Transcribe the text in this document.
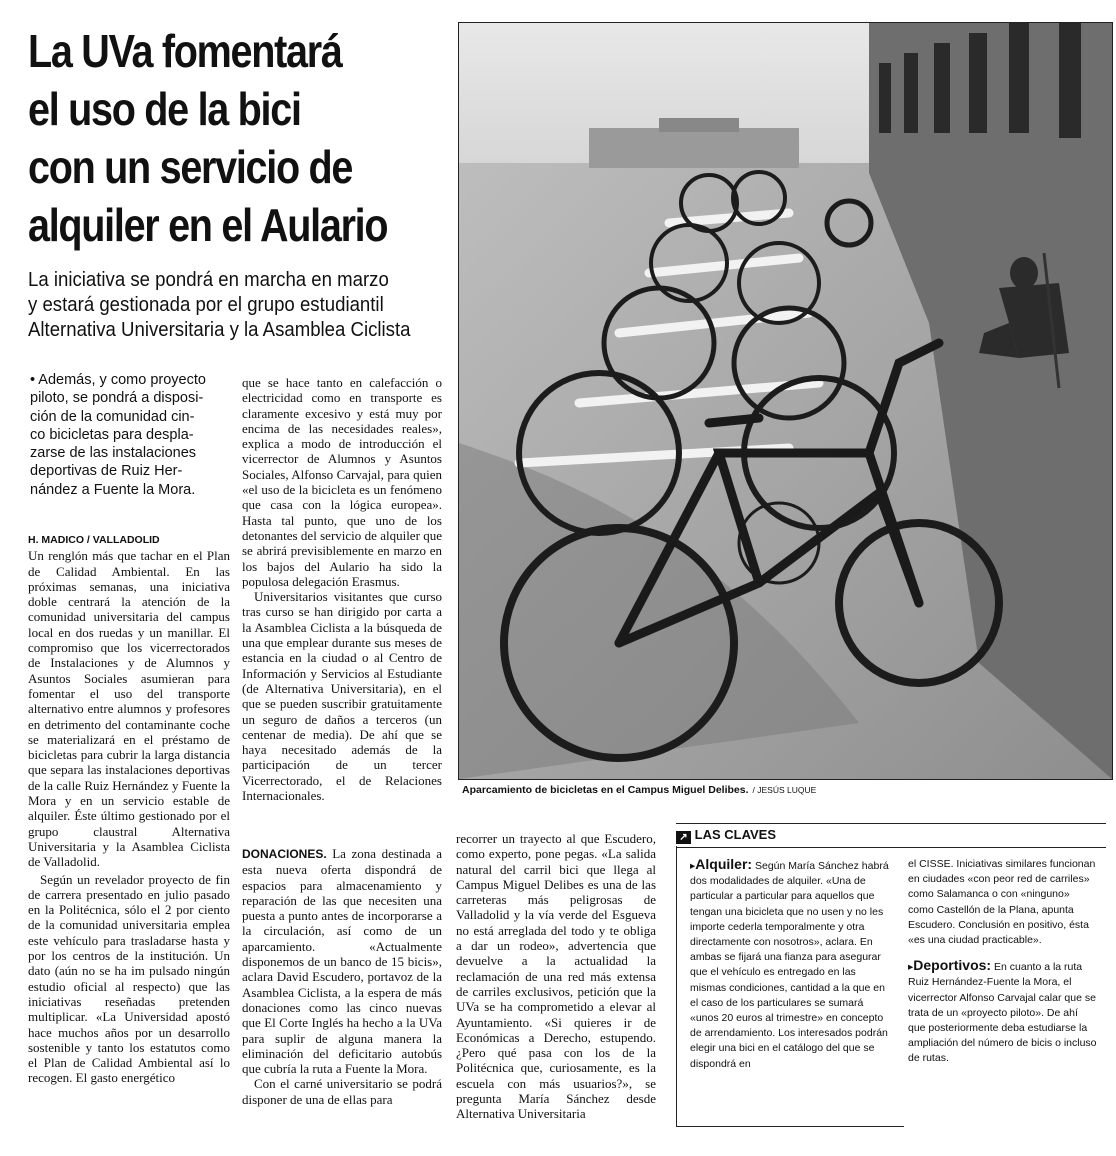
La UVa fomentará
el uso de la bici
con un servicio de
alquiler en el Aulario
La iniciativa se pondrá en marcha en marzo
y estará gestionada por el grupo estudiantil
Alternativa Universitaria y la Asamblea Ciclista
• Además, y como proyecto
piloto, se pondrá a disposi-
ción de la comunidad cin-
co bicicletas para despla-
zarse de las instalaciones
deportivas de Ruiz Her-
nández a Fuente la Mora.
H. MADICO / VALLADOLID

Un renglón más que tachar en el Plan de Calidad Ambiental. En las próximas semanas, una iniciativa doble centrará la atención de la comunidad universitaria del campus local en dos ruedas y un manillar. El compromiso que los vicerrectorados de Instalaciones y de Alumnos y Asuntos Sociales asumieran para fomentar el uso del transporte alternativo entre alumnos y profesores en detrimento del contaminante coche se materializará en el préstamo de bicicletas para cubrir la larga distancia que separa las instalaciones deportivas de la calle Ruiz Hernández y Fuente la Mora y en un servicio estable de alquiler. Éste último gestionado por el grupo claustral Alternativa Universitaria y la Asamblea Ciclista de Valladolid.

Según un revelador proyecto de fin de carrera presentado en julio pasado en la Politécnica, sólo el 2 por ciento de la comunidad universitaria emplea este vehículo para trasladarse hasta y por los centros de la institución. Un dato (aún no se ha im pulsado ningún estudio oficial al respecto) que las iniciativas reseñadas pretenden multiplicar. «La Universidad apostó hace muchos años por un desarrollo sostenible y tanto los estatutos como el Plan de Calidad Ambiental así lo recogen. El gasto energético

que se hace tanto en calefacción o electricidad como en transporte es claramente excesivo y está muy por encima de las necesidades reales», explica a modo de introducción el vicerrector de Alumnos y Asuntos Sociales, Alfonso Carvajal, para quien «el uso de la bicicleta es un fenómeno que casa con la lógica europea». Hasta tal punto, que uno de los detonantes del servicio de alquiler que se abrirá previsiblemente en marzo en los bajos del Aulario ha sido la populosa delegación Erasmus.

Universitarios visitantes que curso tras curso se han dirigido por carta a la Asamblea Ciclista a la búsqueda de una que emplear durante sus meses de estancia en la ciudad o al Centro de Información y Servicios al Estudiante (de Alternativa Universitaria), en el que se pueden suscribir gratuitamente un seguro de daños a terceros (un centenar de media). De ahí que se haya necesitado además de la participación de un tercer Vicerrectorado, el de Relaciones Internacionales.

DONACIONES. La zona destinada a esta nueva oferta dispondrá de espacios para almacenamiento y reparación de las que necesiten una puesta a punto antes de incorporarse a la circulación, así como de un aparcamiento. «Actualmente disponemos de un banco de 15 bicis», aclara David Escudero, portavoz de la Asamblea Ciclista, a la espera de más donaciones como las cinco nuevas que El Corte Inglés ha hecho a la UVa para suplir de alguna manera la eliminación del deficitario autobús que cubría la ruta a Fuente la Mora.

Con el carné universitario se podrá disponer de una de ellas para

recorrer un trayecto al que Escudero, como experto, pone pegas. «La salida natural del carril bici que llega al Campus Miguel Delibes es una de las carreteras más peligrosas de Valladolid y la vía verde del Esgueva no está arreglada del todo y te obliga a dar un rodeo», advertencia que devuelve a la actualidad la reclamación de una red más extensa de carriles exclusivos, petición que la UVa se ha comprometido a elevar al Ayuntamiento. «Si quieres ir de Económicas a Derecho, estupendo. ¿Pero qué pasa con los de la Politécnica que, curiosamente, es la escuela con más usuarios?», se pregunta María Sánchez desde Alternativa Universitaria

Aparcamiento de bicicletas en el Campus Miguel Delibes. / JESÚS LUQUE
↗ LAS CLAVES
▸Alquiler: Según María Sánchez habrá dos modalidades de alquiler. «Una de particular a particular para aquellos que tengan una bicicleta que no usen y no les importe cederla temporalmente y otra directamente con nosotros», aclara. En ambas se fijará una fianza para asegurar que el vehículo es entregado en las mismas condiciones, cantidad a la que en el caso de los particulares se sumará «unos 20 euros al trimestre» en concepto de arrendamiento. Los interesados podrán elegir una bici en el catálogo del que se dispondrá en
el CISSE. Iniciativas similares funcionan en ciudades «con peor red de carriles» como Salamanca o con «ninguno» como Castellón de la Plana, apunta Escudero. Conclusión en positivo, ésta «es una ciudad practicable».
▸Deportivos: En cuanto a la ruta Ruiz Hernández-Fuente la Mora, el vicerrector Alfonso Carvajal calar que se trata de un «proyecto piloto». De ahí que posteriormente deba estudiarse la ampliación del número de bicis o incluso de rutas.
